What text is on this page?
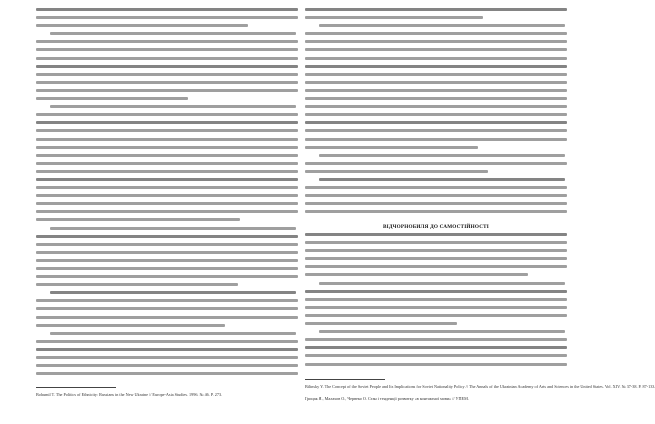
Bohumil T. The Politics of Ethnicity: Russians in the New Ukraine // Europe-Asia Studies. 1996. № 46. P. 273.
ВІДЧОРНОБИЛЯ ДО САМОСТІЙНОСТІ
Bilinsky Y. The Concept of the Soviet People and Its Implications for Soviet Nationality Policy // The Annals of the Ukrainian Academy of Arts and Sciences in the United States. Vol. XIV. № 37-38. P. 87-133.
Грицак Я., Малахов О., Червеко О. Стан і тенденції розвитку «в контактної мови» // УПЕМ.
